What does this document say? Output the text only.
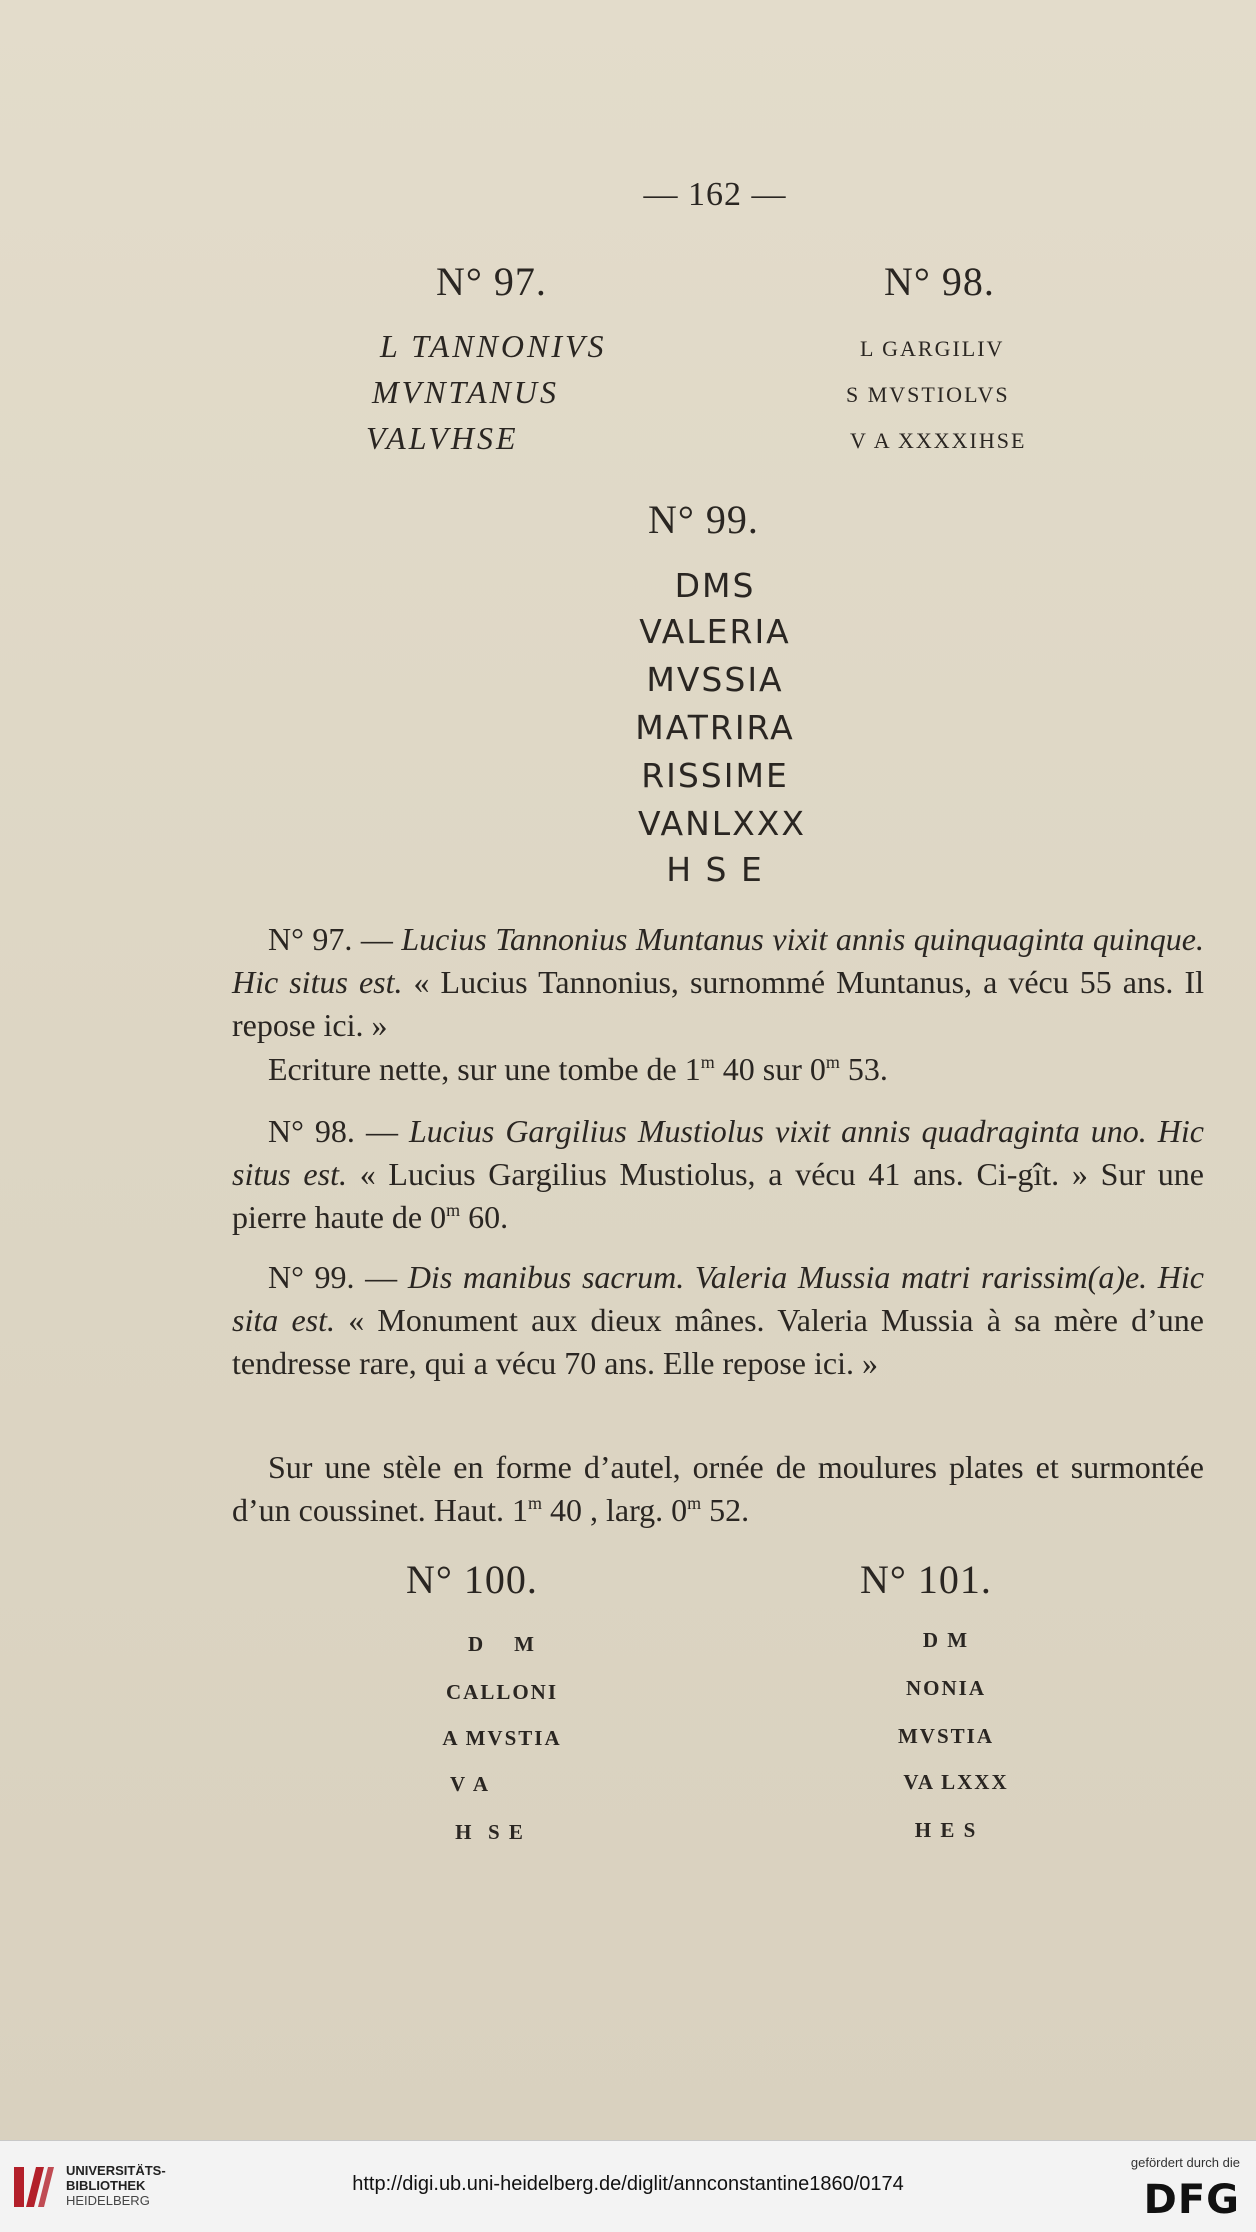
— 162 —
N° 97.
L TANNONIVS
MVNTANUS
VALVHSE
N° 98.
L GARGILIV
S MVSTIOLVS
V A XXXXIHSE
N° 99.
DMS
VALERIA
MVSSIA
MATRIRA
RISSIME
VANLXXX
H S E
N° 97. — Lucius Tannonius Muntanus vixit annis quinquaginta quinque. Hic situs est. « Lucius Tannonius, surnommé Muntanus, a vécu 55 ans. Il repose ici. »
Ecriture nette, sur une tombe de 1$^m$ 40 sur 0$^m$ 53.
N° 98. — Lucius Gargilius Mustiolus vixit annis quadraginta uno. Hic situs est. « Lucius Gargilius Mustiolus, a vécu 41 ans. Ci-gît. » Sur une pierre haute de 0$^m$ 60.
N° 99. — Dis manibus sacrum. Valeria Mussia matri rarissim(a)e. Hic sita est. « Monument aux dieux mânes. Valeria Mussia à sa mère d’une tendresse rare, qui a vécu 70 ans. Elle repose ici. »
Sur une stèle en forme d’autel, ornée de moulures plates et surmontée d’un coussinet. Haut. 1$^m$ 40 , larg. 0$^m$ 52.
N° 100.
D    M
CALLONI
A MVSTIA
V A
H  S E
N° 101.
D M
NONIA
MVSTIA
VA LXXX
H E S
UNIVERSITÄTS-
BIBLIOTHEK
HEIDELBERG
http://digi.ub.uni-heidelberg.de/diglit/annconstantine1860/0174
gefördert durch die
DFG
